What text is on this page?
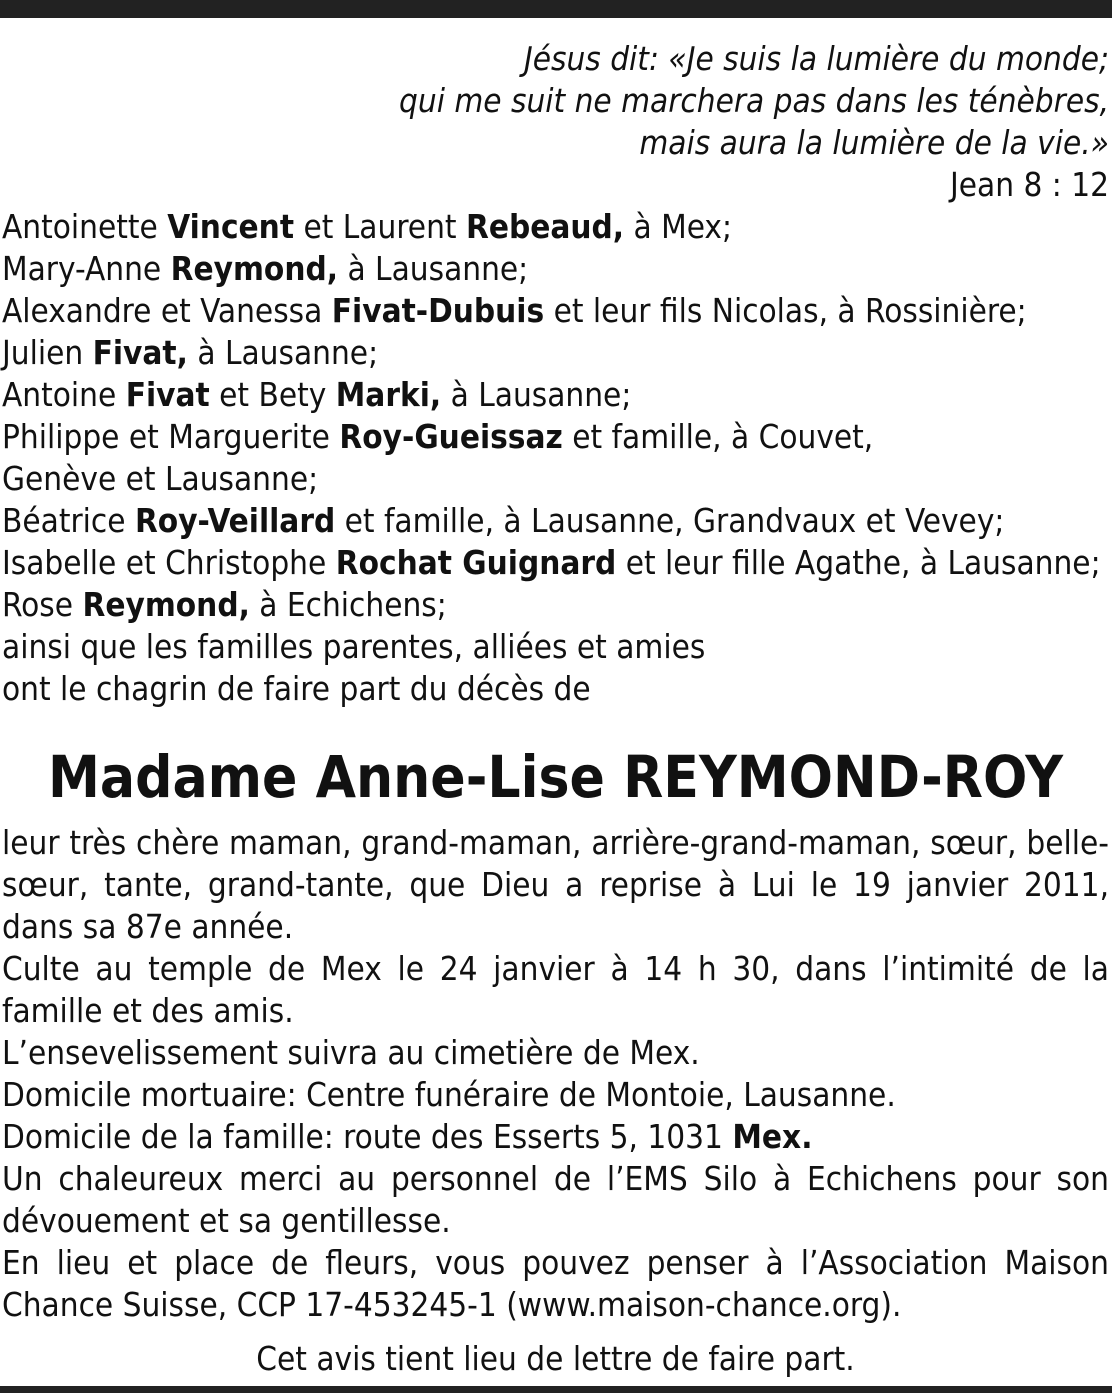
Jésus dit: «Je suis la lumière du monde;
qui me suit ne marchera pas dans les ténèbres,
mais aura la lumière de la vie.»
Jean 8 : 12
Antoinette Vincent et Laurent Rebeaud, à Mex;
Mary-Anne Reymond, à Lausanne;
Alexandre et Vanessa Fivat-Dubuis et leur fils Nicolas, à Rossinière;
Julien Fivat, à Lausanne;
Antoine Fivat et Bety Marki, à Lausanne;
Philippe et Marguerite Roy-Gueissaz et famille, à Couvet,
Genève et Lausanne;
Béatrice Roy-Veillard et famille, à Lausanne, Grandvaux et Vevey;
Isabelle et Christophe Rochat Guignard et leur fille Agathe, à Lausanne;
Rose Reymond, à Echichens;
ainsi que les familles parentes, alliées et amies
ont le chagrin de faire part du décès de
Madame Anne-Lise REYMOND-ROY

leur très chère maman, grand-maman, arrière-grand-maman, sœur, belle-sœur, tante, grand-tante, que Dieu a reprise à Lui le 19 janvier 2011, dans sa 87e année.

Culte au temple de Mex le 24 janvier à 14 h 30, dans l’intimité de la famille et des amis.

L’ensevelissement suivra au cimetière de Mex.

Domicile mortuaire: Centre funéraire de Montoie, Lausanne.

Domicile de la famille: route des Esserts 5, 1031 Mex.

Un chaleureux merci au personnel de l’EMS Silo à Echichens pour son dévouement et sa gentillesse.

En lieu et place de fleurs, vous pouvez penser à l’Association Maison Chance Suisse, CCP 17-453245-1 (www.maison-chance.org).

Cet avis tient lieu de lettre de faire part.
